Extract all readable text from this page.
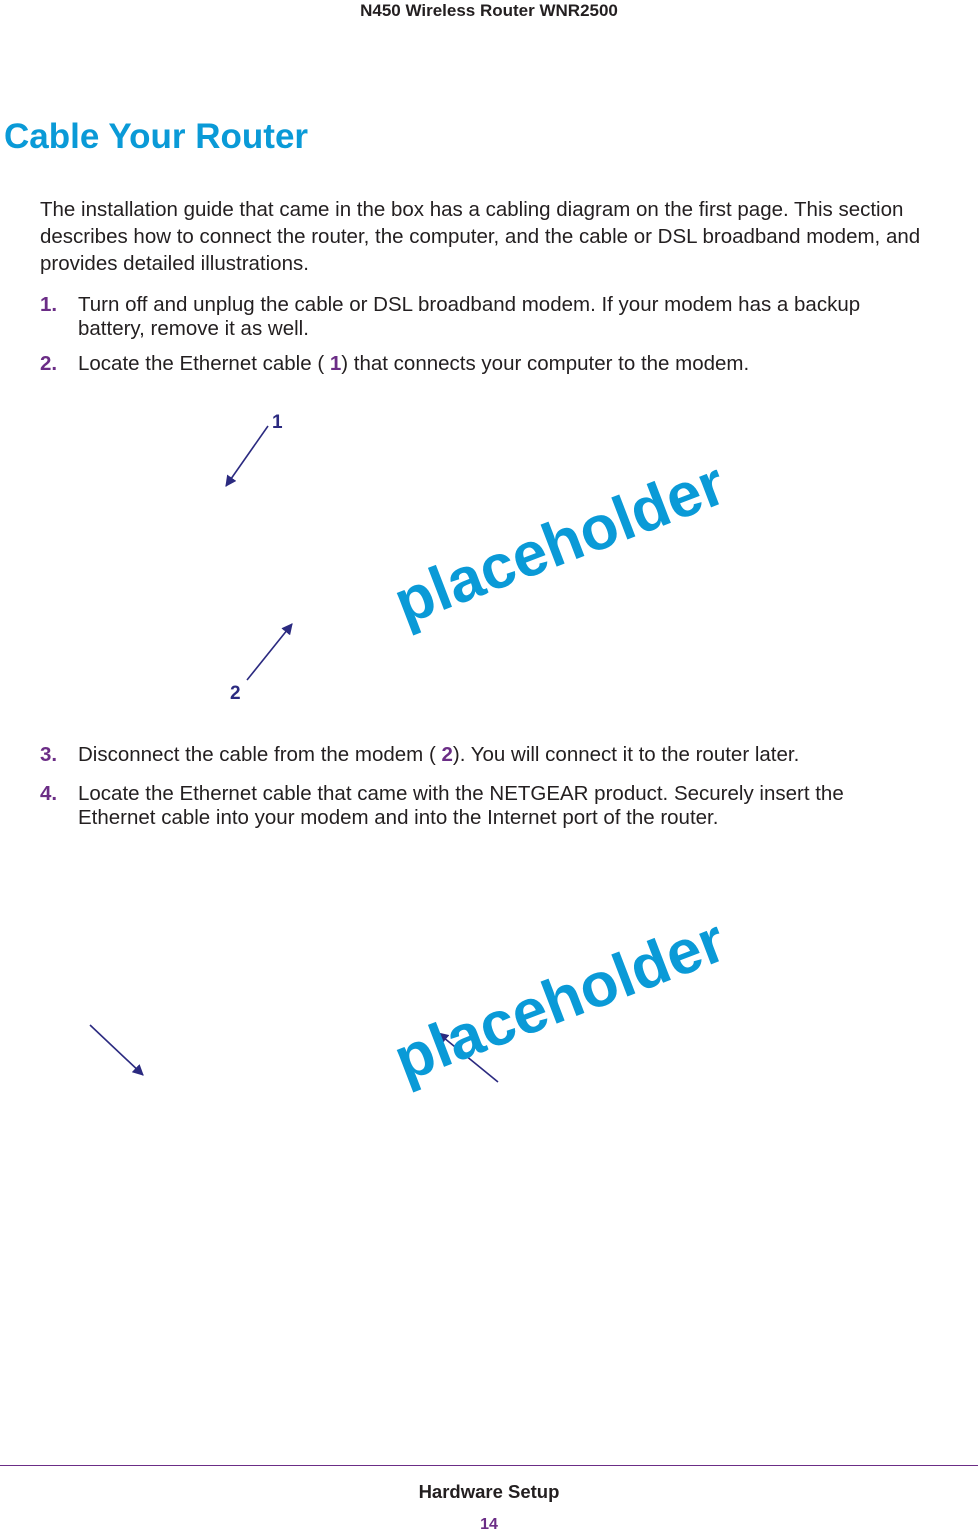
N450 Wireless Router WNR2500
Cable Your Router

The installation guide that came in the box has a cabling diagram on the first page. This section describes how to connect the router, the computer, and the cable or DSL broadband modem, and provides detailed illustrations.

1. Turn off and unplug the cable or DSL broadband modem. If your modem has a backup
battery, remove it as well.
2. Locate the Ethernet cable ( 1) that connects your computer to the modem.
1
2
placeholder
3. Disconnect the cable from the modem ( 2). You will connect it to the router later.
4. Locate the Ethernet cable that came with the NETGEAR product. Securely insert the
Ethernet cable into your modem and into the Internet port of the router.
placeholder
Hardware Setup
14
